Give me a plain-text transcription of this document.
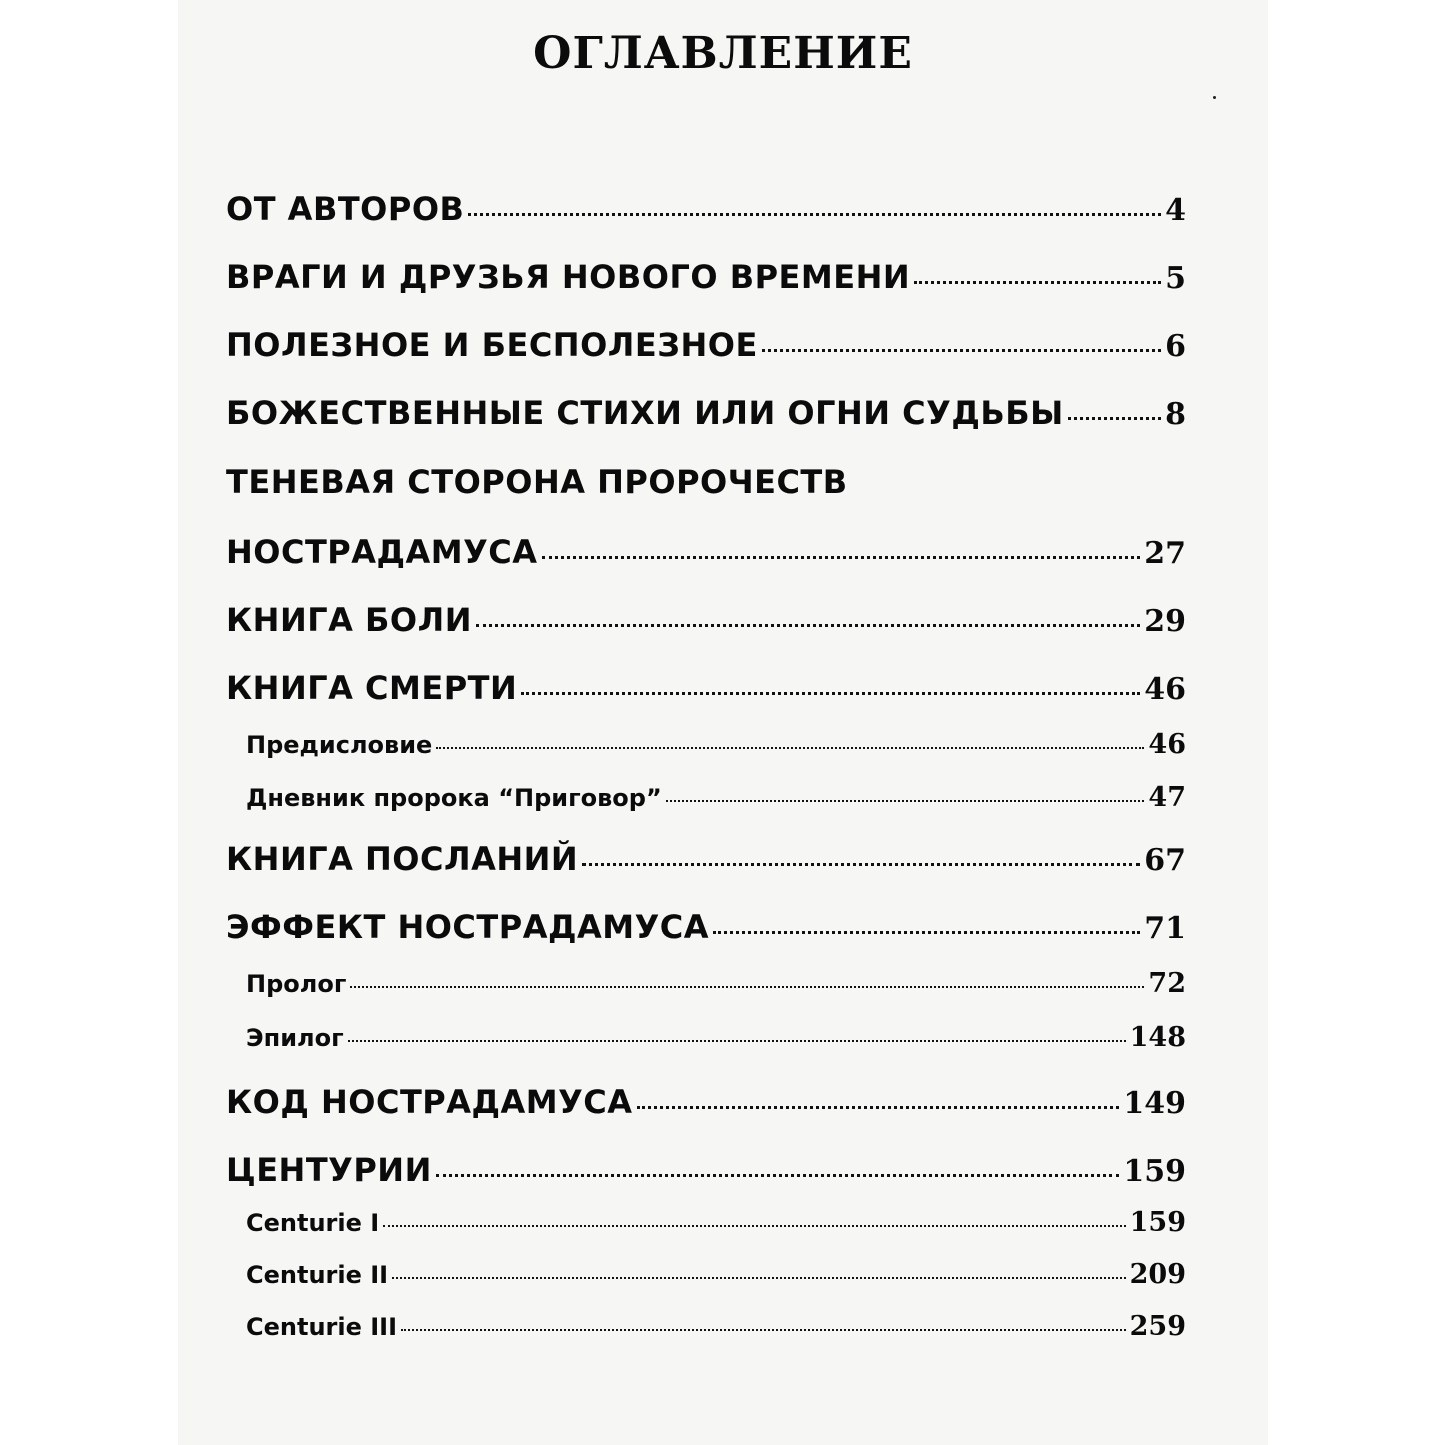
ОГЛАВЛЕНИЕ
ОТ АВТОРОВ	4
ВРАГИ И ДРУЗЬЯ НОВОГО ВРЕМЕНИ	5
ПОЛЕЗНОЕ И БЕСПОЛЕЗНОЕ	6
БОЖЕСТВЕННЫЕ СТИХИ ИЛИ ОГНИ СУДЬБЫ	8
ТЕНЕВАЯ СТОРОНА ПРОРОЧЕСТВ
НОСТРАДАМУСА	27
КНИГА БОЛИ	29
КНИГА СМЕРТИ	46
Предисловие	46
Дневник пророка “Приговор”	47
КНИГА ПОСЛАНИЙ	67
ЭФФЕКТ НОСТРАДАМУСА	71
Пролог	72
Эпилог	148
КОД НОСТРАДАМУСА	149
ЦЕНТУРИИ	159
Centurie I	159
Centurie II	209
Centurie III	259
